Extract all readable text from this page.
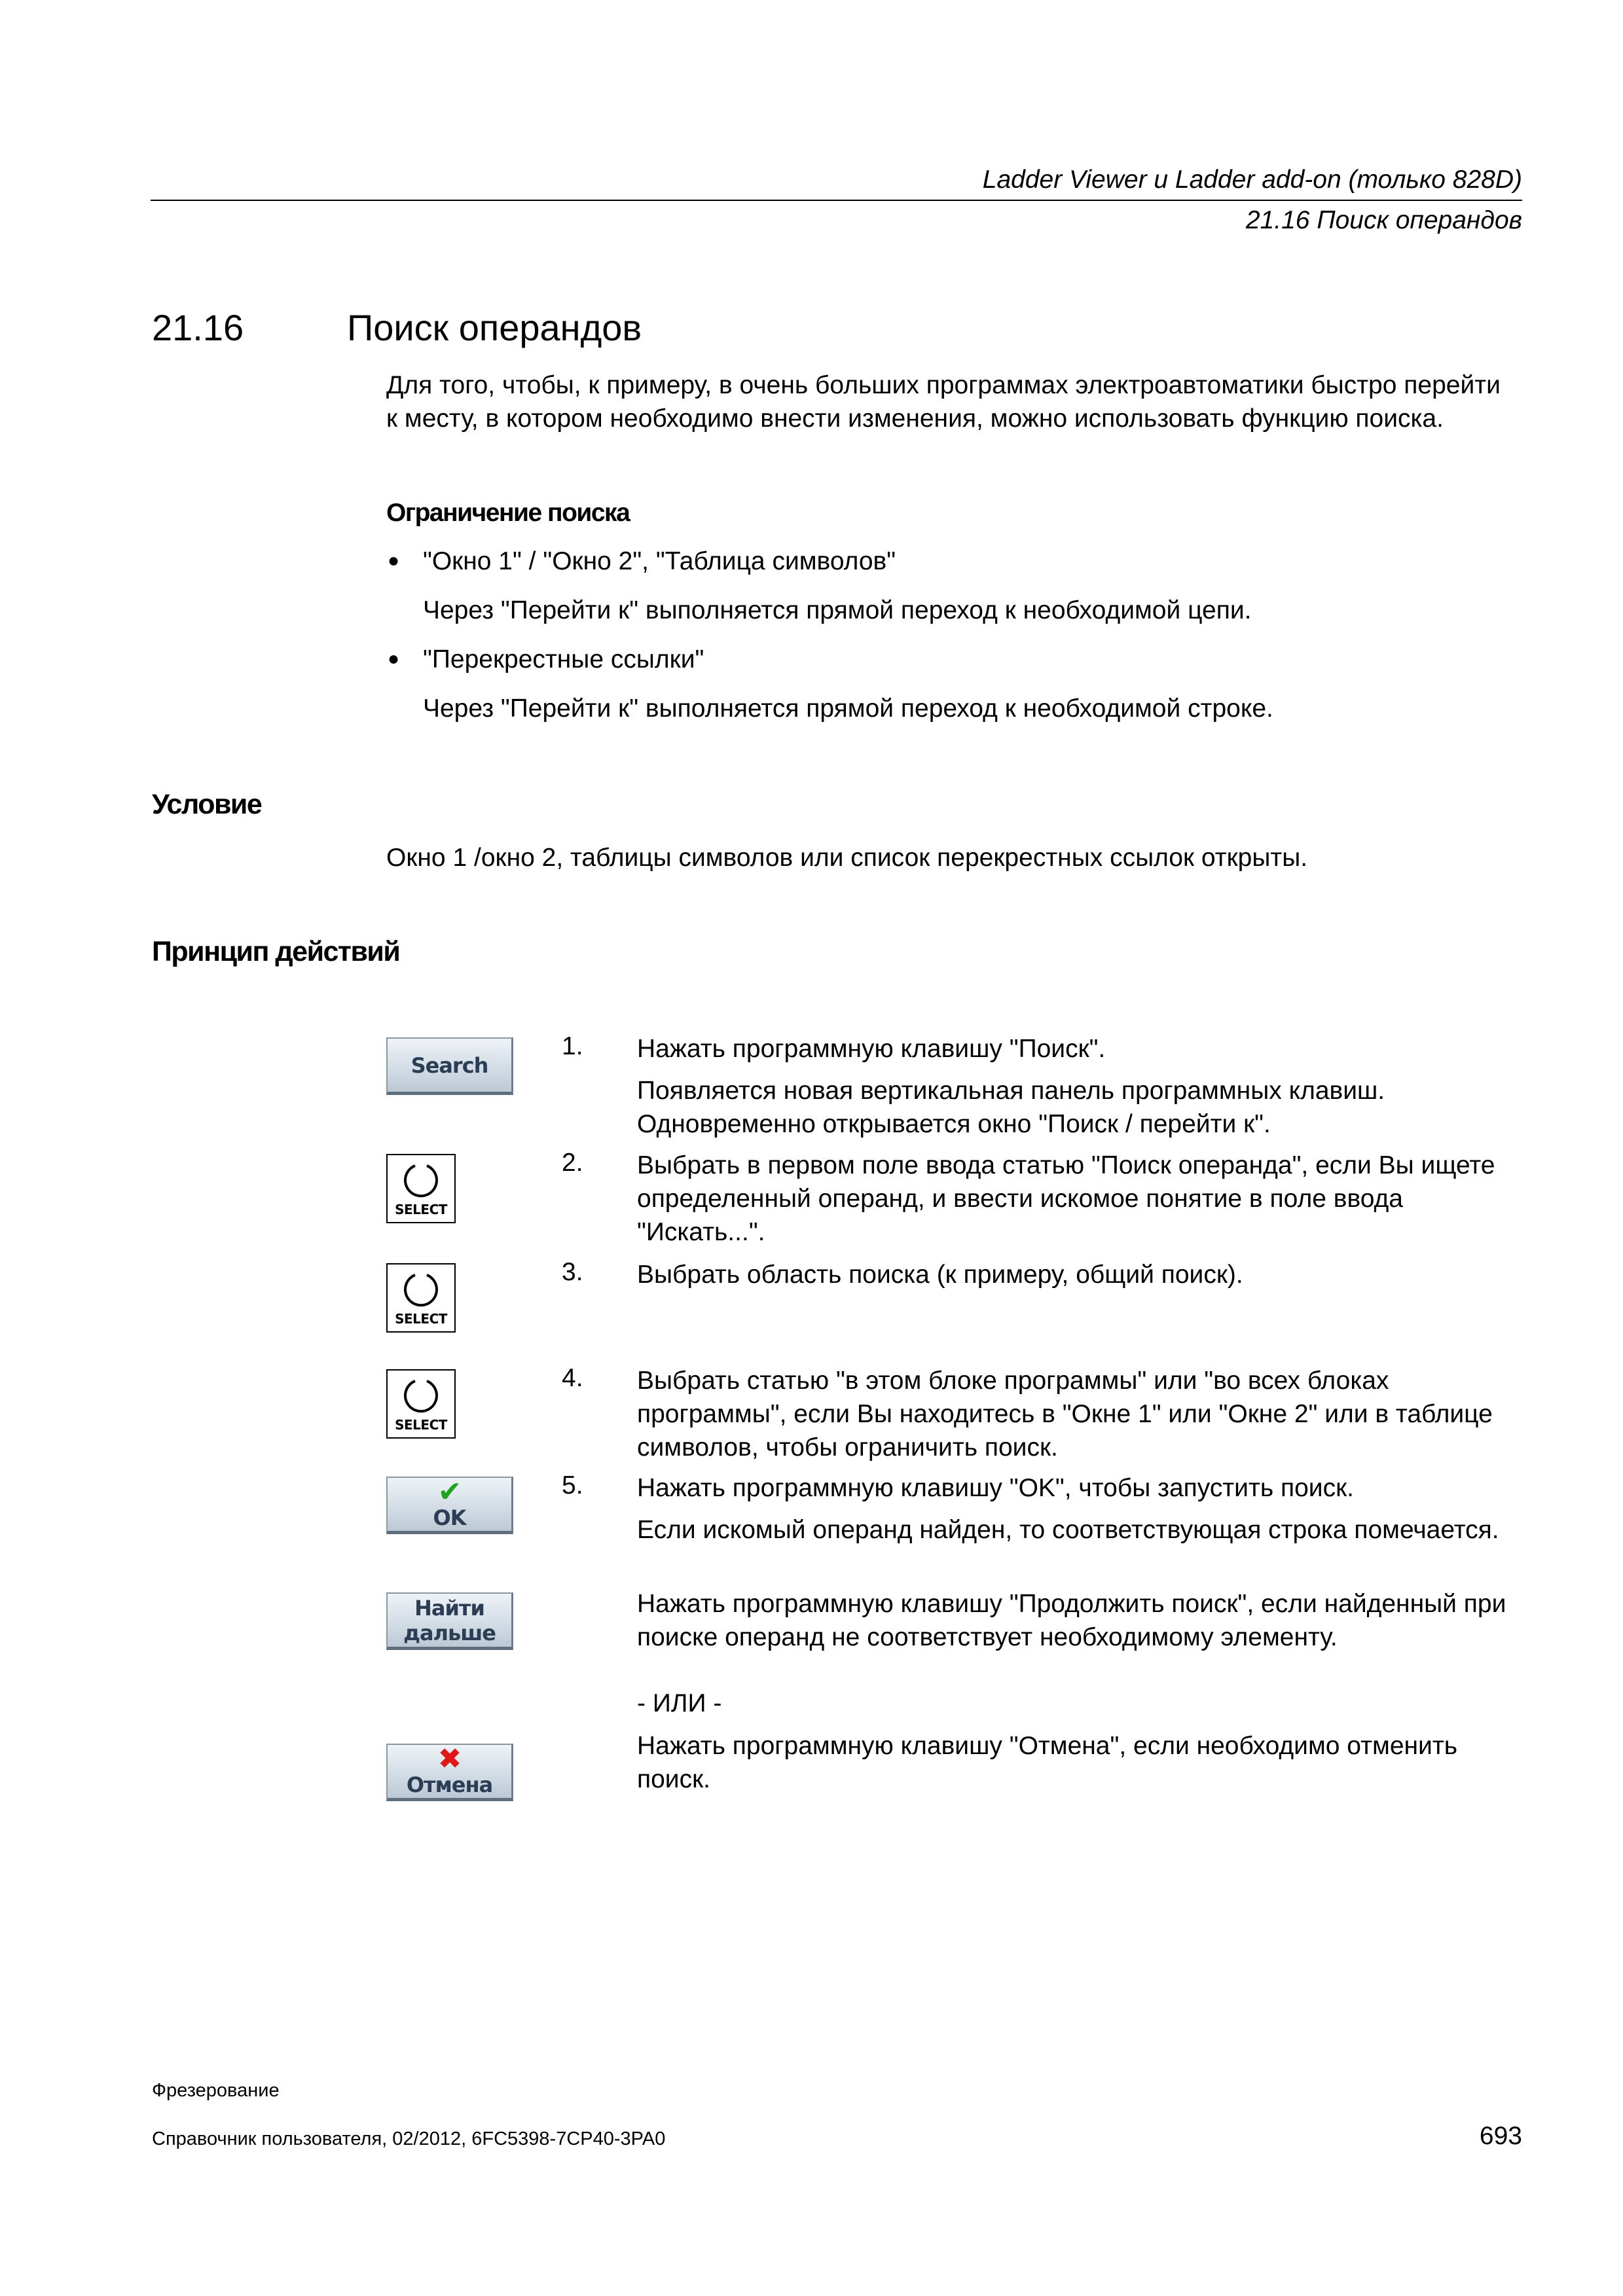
Ladder Viewer и Ladder add-on (только 828D)
21.16 Поиск операндов
21.16	Поиск операндов
Для того, чтобы, к примеру, в очень больших программах электроавтоматики быстро перейти к месту, в котором необходимо внести изменения, можно использовать функцию поиска.
Ограничение поиска
● "Окно 1" / "Окно 2", "Таблица символов"
Через "Перейти к" выполняется прямой переход к необходимой цепи.
● "Перекрестные ссылки"
Через "Перейти к" выполняется прямой переход к необходимой строке.
Условие
Окно 1 /окно 2, таблицы символов или список перекрестных ссылок открыты.
Принцип действий
Search
SELECT
SELECT
SELECT
✔
OK
Найти
дальше
✖
Отмена
1. Нажать программную клавишу "Поиск".
Появляется новая вертикальная панель программных клавиш. Одновременно открывается окно "Поиск / перейти к".
2. Выбрать в первом поле ввода статью "Поиск операнда", если Вы ищете определенный операнд, и ввести искомое понятие в поле ввода "Искать...".
3. Выбрать область поиска (к примеру, общий поиск).
4. Выбрать статью "в этом блоке программы" или "во всех блоках программы", если Вы находитесь в "Окне 1" или "Окне 2" или в таблице символов, чтобы ограничить поиск.
5. Нажать программную клавишу "OK", чтобы запустить поиск.
Если искомый операнд найден, то соответствующая строка помечается.
Нажать программную клавишу "Продолжить поиск", если найденный при поиске операнд не соответствует необходимому элементу.
- ИЛИ -
Нажать программную клавишу "Отмена", если необходимо отменить поиск.
Фрезерование
Справочник пользователя, 02/2012, 6FC5398-7CP40-3PA0	693
